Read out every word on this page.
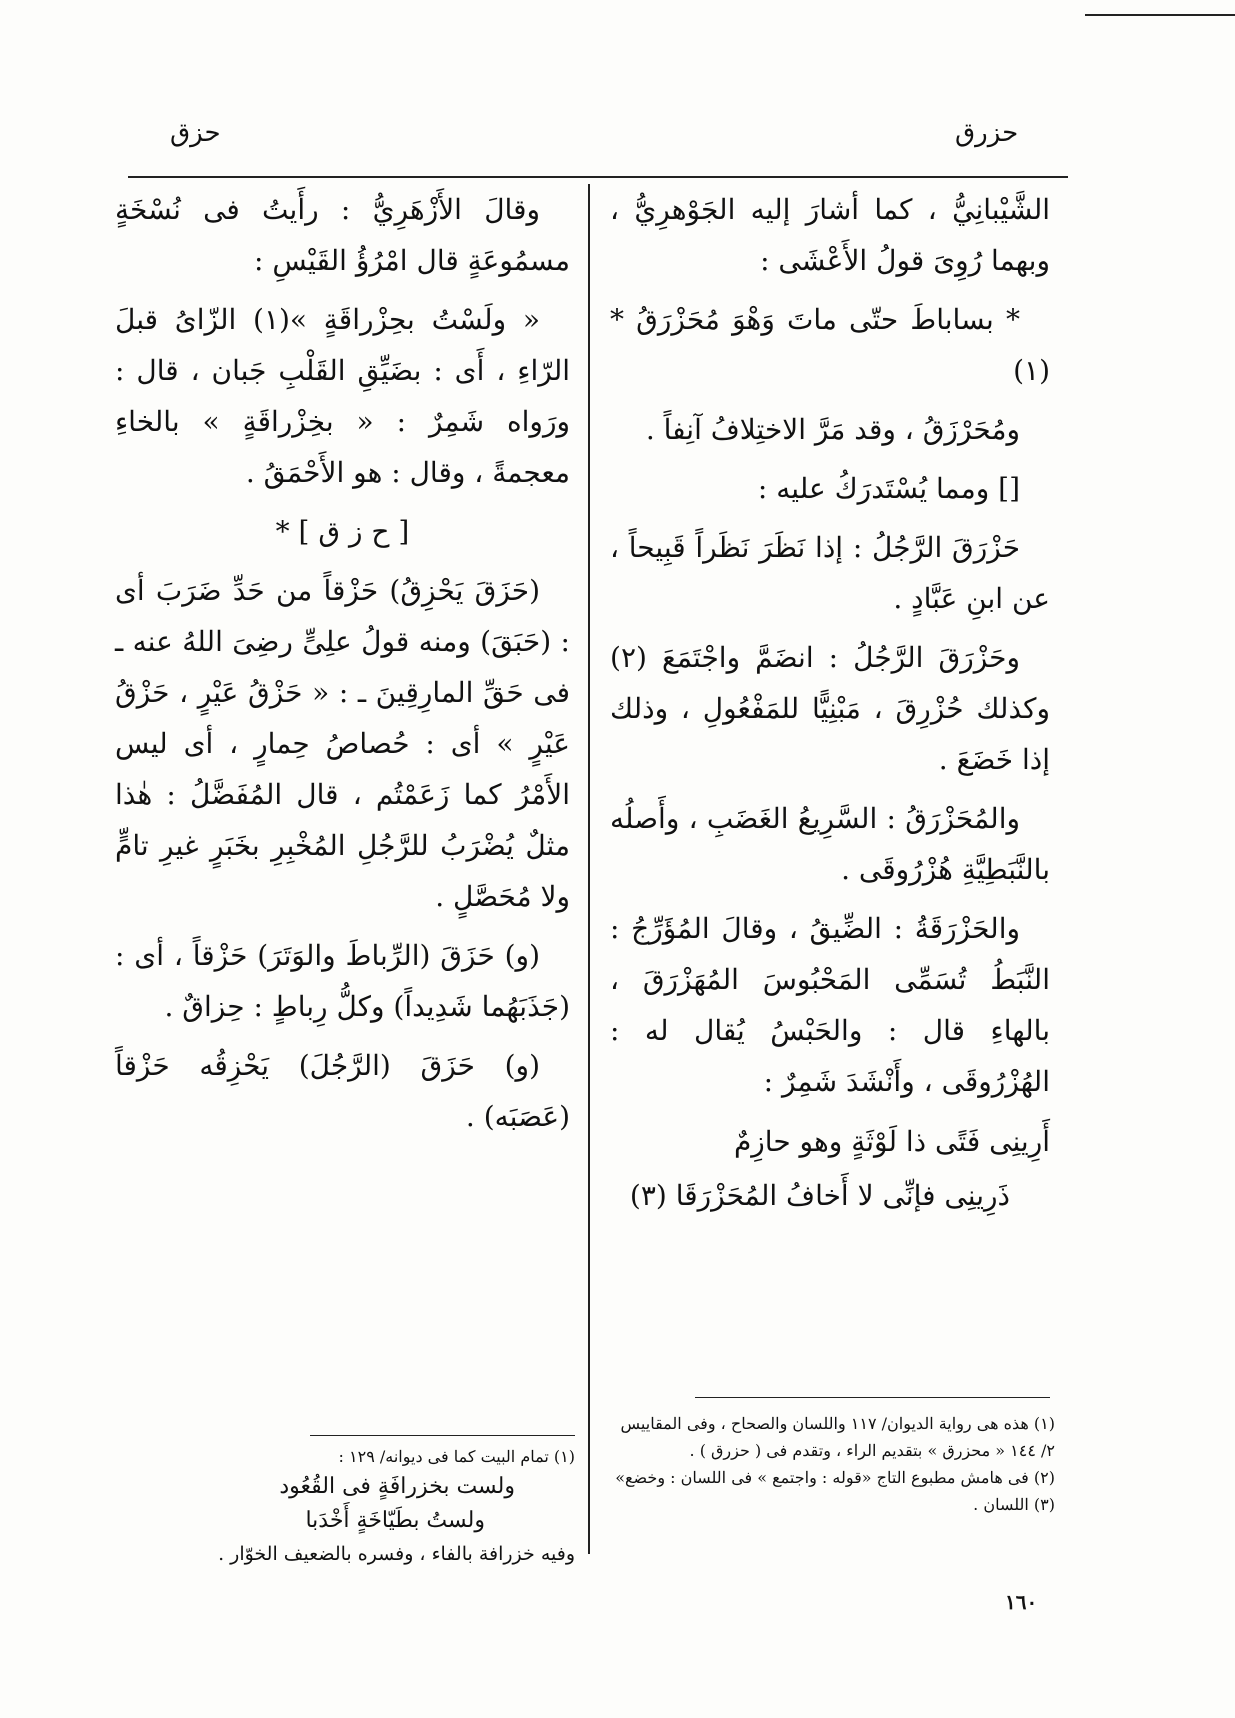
حزرق
حزق

الشَّيْبانِيُّ ، كما أشارَ إليه الجَوْهرِيُّ ، وبهما رُوِىَ قولُ الأَعْشَى :

* بساباطَ حتّى ماتَ وَهْوَ مُحَزْرَقُ *(١)

ومُحَرْزَقُ ، وقد مَرَّ الاختِلافُ آنِفاً .

[] ومما يُسْتَدرَكُ عليه :

حَزْرَقَ الرَّجُلُ : إذا نَظَرَ نَظَراً قَبِيحاً ، عن ابنِ عَبَّادٍ .

وحَزْرَقَ الرَّجُلُ : انضَمَّ واجْتَمَعَ (٢) وكذلك حُزْرِقَ ، مَبْنِيًّا للمَفْعُولِ ، وذلك إذا خَضَعَ .

والمُحَزْرَقُ : السَّرِيعُ الغَضَبِ ، وأَصلُه بالنَّبَطِيَّةِ هُزْرُوقَى .

والحَزْرَقَةُ : الضِّيقُ ، وقالَ المُؤَرِّجُ : النَّبَطُ تُسَمِّى المَحْبُوسَ المُهَزْرَقَ ، بالهاءِ قال : والحَبْسُ يُقال له : الهُزْرُوقَى ، وأَنْشَدَ شَمِرٌ :

أَرِينِى فَتًى ذا لَوْثَةٍ وهو حازِمٌ

ذَرِينِى فإنِّى لا أَخافُ المُحَزْرَقَا (٣)

(١) هذه هى رواية الديوان/ ١١٧ واللسان والصحاح ، وفى المقاييس ٢/ ١٤٤ « محزرق » بتقديم الراء ، وتقدم فى ( حزرق ) .

(٢) فى هامش مطبوع التاج «قوله : واجتمع » فى اللسان : وخضع»

(٣) اللسان .

وقالَ الأَزْهَرِيُّ : رأَيتُ فى نُسْخَةٍ مسمُوعَةٍ قال امْرُؤُ القَيْسِ :

« ولَسْتُ بحِزْراقَةٍ »(١) الزّاىُ قبلَ الرّاءِ ، أَى : بضَيِّقِ القَلْبِ جَبان ، قال : ورَواه شَمِرٌ : « بخِزْراقَةٍ » بالخاءِ معجمةً ، وقال : هو الأَحْمَقُ .

[ ح ز ق ] *

(حَزَقَ يَحْزِقُ) حَزْقاً من حَدِّ ضَرَبَ أى : (حَبَقَ) ومنه قولُ علِىٍّ رضِىَ اللهُ عنه ـ فى حَقِّ المارِقِينَ ـ : « حَزْقُ عَيْرٍ ، حَزْقُ عَيْرٍ » أى : حُصاصُ حِمارٍ ، أى ليس الأَمْرُ كما زَعَمْتُم ، قال المُفَضَّلُ : هٰذا مثلٌ يُضْرَبُ للرَّجُلِ المُخْبِرِ بخَبَرٍ غيرِ تامٍّ ولا مُحَصَّلٍ .

(و) حَزَقَ (الرِّباطَ والوَتَرَ) حَزْقاً ، أى : (جَذَبَهُما شَدِيداً) وكلُّ رِباطٍ : حِزاقٌ .

(و) حَزَقَ (الرَّجُلَ) يَحْزِقُه حَزْقاً (عَصَبَه) .

(١) تمام البيت كما فى ديوانه/ ١٢٩ :

ولست بخزرافَةٍ فى القُعُود

ولستُ بطَيّاخَةٍ أَخْدَبا

وفيه خزرافة بالفاء ، وفسره بالضعيف الخوّار .

١٦٠
